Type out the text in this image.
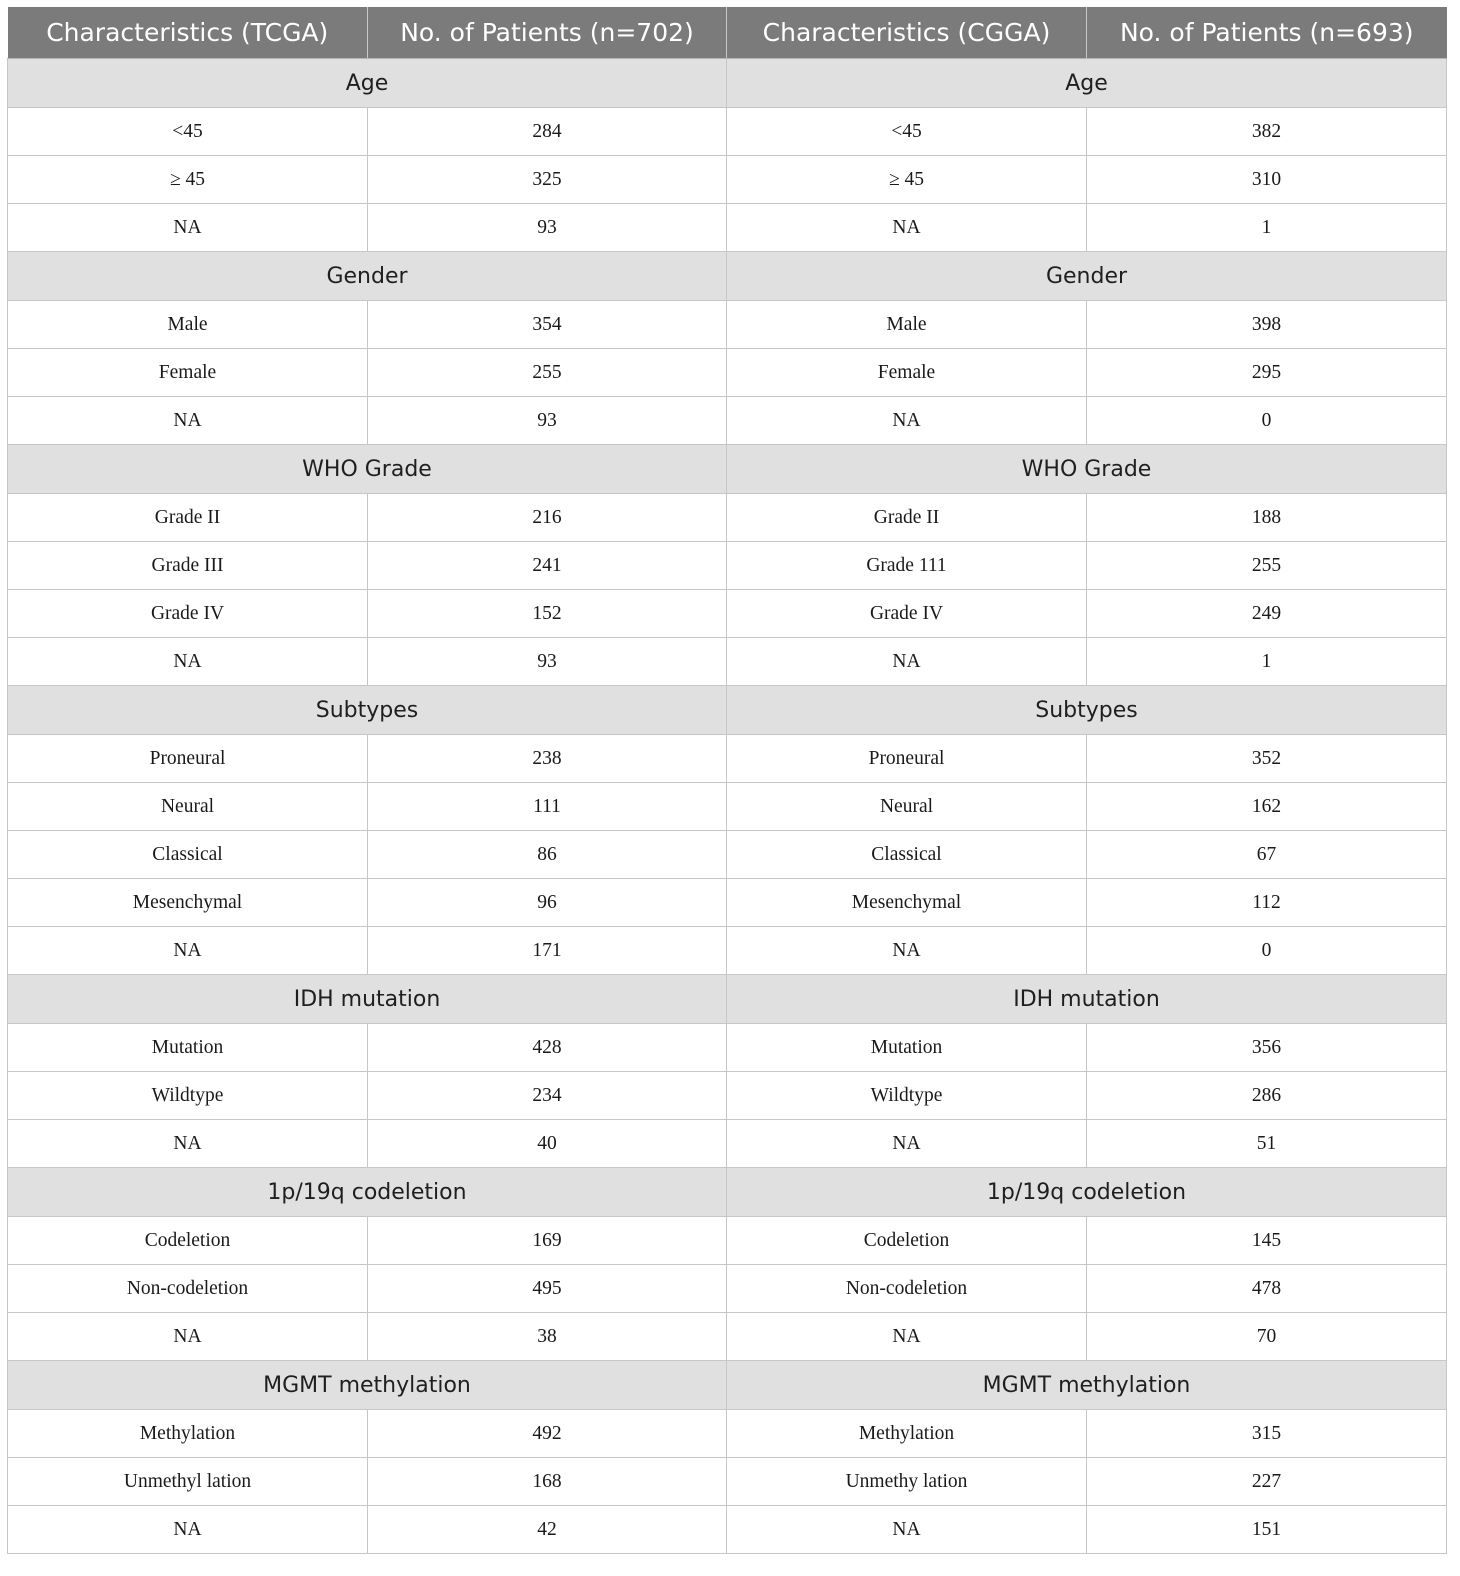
Characteristics (TCGA)	No. of Patients (n=702)	Characteristics (CGGA)	No. of Patients (n=693)
Age		Age	
<45	284	<45	382
≥ 45	325	≥ 45	310
NA	93	NA	1
Gender		Gender	
Male	354	Male	398
Female	255	Female	295
NA	93	NA	0
WHO Grade		WHO Grade	
Grade II	216	Grade II	188
Grade III	241	Grade 111	255
Grade IV	152	Grade IV	249
NA	93	NA	1
Subtypes		Subtypes	
Proneural	238	Proneural	352
Neural	111	Neural	162
Classical	86	Classical	67
Mesenchymal	96	Mesenchymal	112
NA	171	NA	0
IDH mutation		IDH mutation	
Mutation	428	Mutation	356
Wildtype	234	Wildtype	286
NA	40	NA	51
1p/19q codeletion		1p/19q codeletion	
Codeletion	169	Codeletion	145
Non-codeletion	495	Non-codeletion	478
NA	38	NA	70
MGMT methylation		MGMT methylation	
Methylation	492	Methylation	315
Unmethyl lation	168	Unmethy lation	227
NA	42	NA	151
